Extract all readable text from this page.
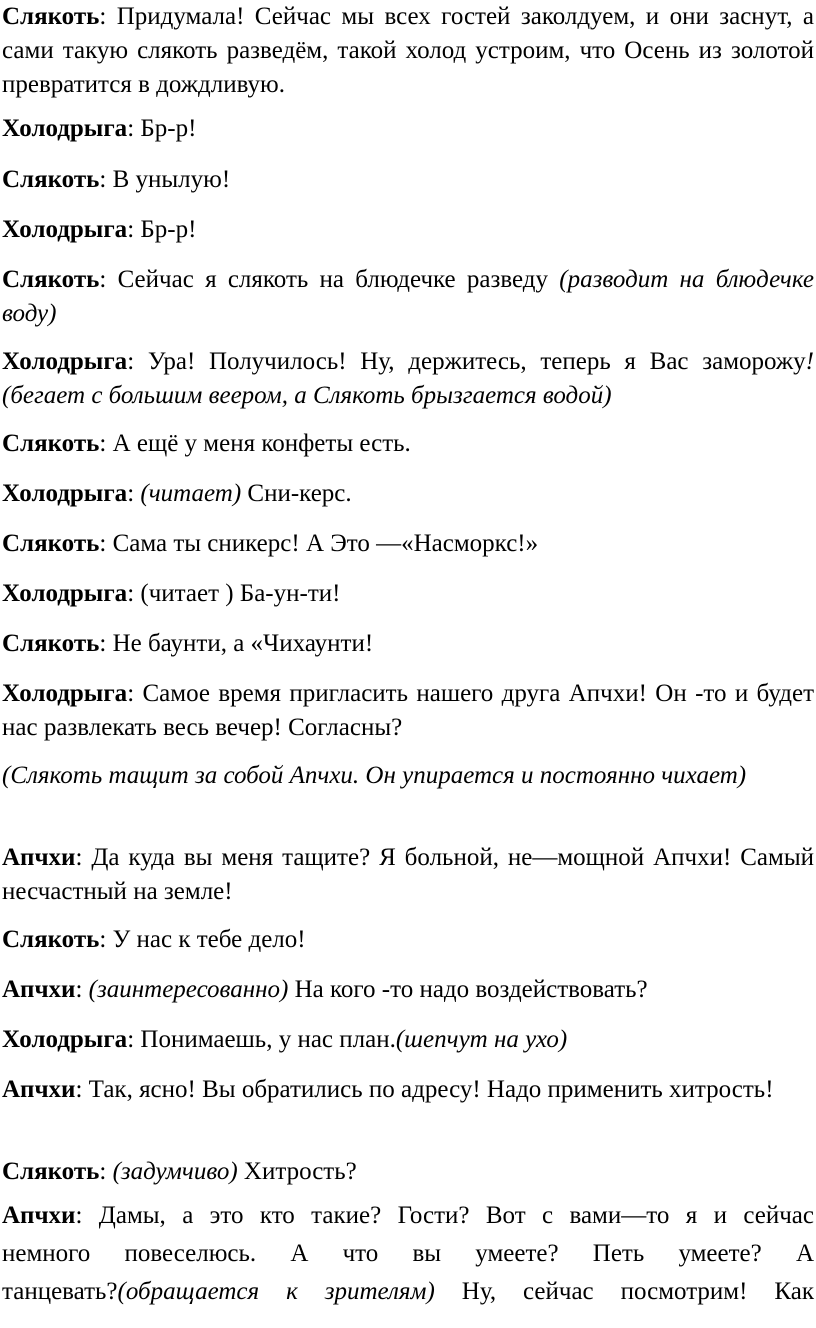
Слякоть: Придумала! Сейчас мы всех гостей заколдуем, и они заснут, а сами такую слякоть разведём, такой холод устроим, что Осень из золотой превратится в дождливую.
Холодрыга: Бр-р!
Слякоть: В унылую!
Холодрыга: Бр-р!
Слякоть: Сейчас я слякоть на блюдечке разведу (разводит на блюдечке воду)
Холодрыга: Ура! Получилось! Ну, держитесь, теперь я Вас заморожу!(бегает с большим веером, а Слякоть брызгается водой)
Слякоть: А ещё у меня конфеты есть.
Холодрыга: (читает) Сни-керс.
Слякоть: Сама ты сникерс! А Это —«Насморкс!»
Холодрыга: (читает ) Ба-ун-ти!
Слякоть: Не баунти, а «Чихаунти!
Холодрыга: Самое время пригласить нашего друга Апчхи! Он -то и будет нас развлекать весь вечер! Согласны?
(Слякоть тащит за собой Апчхи. Он упирается и постоянно чихает)
Апчхи: Да куда вы меня тащите? Я больной, не—мощной Апчхи! Самый несчастный на земле!
Слякоть: У нас к тебе дело!
Апчхи: (заинтересованно) На кого -то надо воздействовать?
Холодрыга: Понимаешь, у нас план.(шепчут на ухо)
Апчхи: Так, ясно! Вы обратились по адресу! Надо применить хитрость!
Слякоть: (задумчиво) Хитрость?
Апчхи: Дамы, а это кто такие? Гости? Вот с вами—то я и сейчас
немного повеселюсь. А что вы умеете? Петь умеете? А
танцевать?(обращается к зрителям) Ну, сейчас посмотрим! Как
